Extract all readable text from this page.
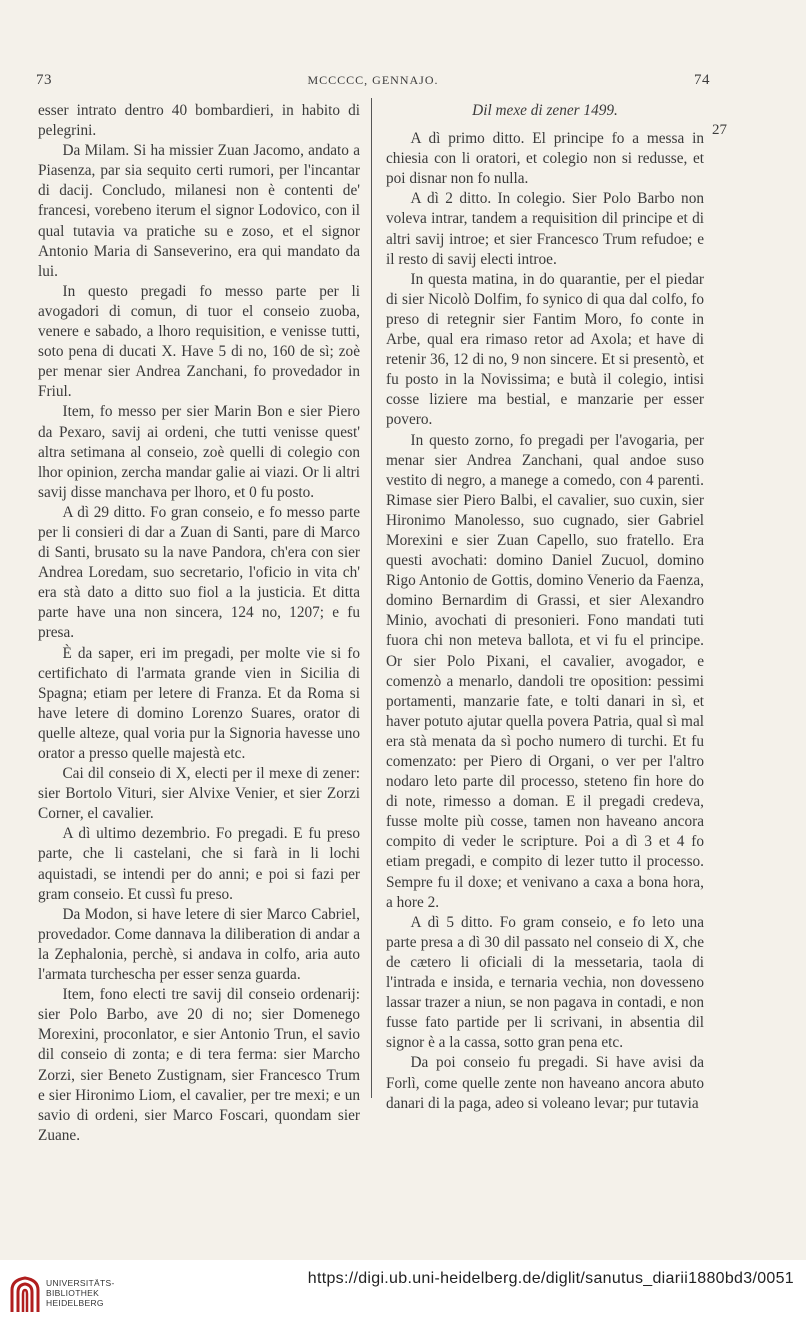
73	MCCCCC, GENNAJO.	74

esser intrato dentro 40 bombardieri, in habito di pelegrini.

Da Milam. Si ha missier Zuan Jacomo, andato a Piasenza, par sia sequito certi rumori, per l'incantar di dacij. Concludo, milanesi non è contenti de' francesi, vorebeno iterum el signor Lodovico, con il qual tutavia va pratiche su e zoso, et el signor Antonio Maria di Sanseverino, era qui mandato da lui.

In questo pregadi fo messo parte per li avogadori di comun, di tuor el conseio zuoba, venere e sabado, a lhoro requisition, e venisse tutti, soto pena di ducati X. Have 5 di no, 160 de sì; zoè per menar sier Andrea Zanchani, fo provedador in Friul.

Item, fo messo per sier Marin Bon e sier Piero da Pexaro, savij ai ordeni, che tutti venisse quest' altra setimana al conseio, zoè quelli di colegio con lhor opinion, zercha mandar galie ai viazi. Or li altri savij disse manchava per lhoro, et 0 fu posto.

A dì 29 ditto. Fo gran conseio, e fo messo parte per li consieri di dar a Zuan di Santi, pare di Marco di Santi, brusato su la nave Pandora, ch'era con sier Andrea Loredam, suo secretario, l'oficio in vita ch' era stà dato a ditto suo fiol a la justicia. Et ditta parte have una non sincera, 124 no, 1207; e fu presa.

È da saper, eri im pregadi, per molte vie si fo certifichato di l'armata grande vien in Sicilia di Spagna; etiam per letere di Franza. Et da Roma si have letere di domino Lorenzo Suares, orator di quelle alteze, qual voria pur la Signoria havesse uno orator a presso quelle majestà etc.

Cai dil conseio di X, electi per il mexe di zener: sier Bortolo Vituri, sier Alvixe Venier, et sier Zorzi Corner, el cavalier.

A dì ultimo dezembrio. Fo pregadi. E fu preso parte, che li castelani, che si farà in li lochi aquistadi, se intendi per do anni; e poi si fazi per gram conseio. Et cussì fu preso.

Da Modon, si have letere di sier Marco Cabriel, provedador. Come dannava la diliberation di andar a la Zephalonia, perchè, si andava in colfo, aria auto l'armata turchescha per esser senza guarda.

Item, fono electi tre savij dil conseio ordenarij: sier Polo Barbo, ave 20 di no; sier Domenego Morexini, proconlator, e sier Antonio Trun, el savio dil conseio di zonta; e di tera ferma: sier Marcho Zorzi, sier Beneto Zustignam, sier Francesco Trum e sier Hironimo Liom, el cavalier, per tre mexi; e un savio di ordeni, sier Marco Foscari, quondam sier Zuane.

Dil mexe di zener 1499.

A dì primo ditto. El principe fo a messa in chiesia con li oratori, et colegio non si redusse, et poi disnar non fo nulla.

A dì 2 ditto. In colegio. Sier Polo Barbo non voleva intrar, tandem a requisition dil principe et di altri savij introe; et sier Francesco Trum refudoe; e il resto di savij electi introe.

In questa matina, in do quarantie, per el piedar di sier Nicolò Dolfim, fo synico di qua dal colfo, fo preso di retegnir sier Fantim Moro, fo conte in Arbe, qual era rimaso retor ad Axola; et have di retenir 36, 12 di no, 9 non sincere. Et si presentò, et fu posto in la Novissima; e butà il colegio, intisi cosse liziere ma bestial, e manzarie per esser povero.

In questo zorno, fo pregadi per l'avogaria, per menar sier Andrea Zanchani, qual andoe suso vestito di negro, a manege a comedo, con 4 parenti. Rimase sier Piero Balbi, el cavalier, suo cuxin, sier Hironimo Manolesso, suo cugnado, sier Gabriel Morexini e sier Zuan Capello, suo fratello. Era questi avochati: domino Daniel Zucuol, domino Rigo Antonio de Gottis, domino Venerio da Faenza, domino Bernardim di Grassi, et sier Alexandro Minio, avochati di presonieri. Fono mandati tuti fuora chi non meteva ballota, et vi fu el principe. Or sier Polo Pixani, el cavalier, avogador, e comenzò a menarlo, dandoli tre oposition: pessimi portamenti, manzarie fate, e tolti danari in sì, et haver potuto ajutar quella povera Patria, qual sì mal era stà menata da sì pocho numero di turchi. Et fu comenzato: per Piero di Organi, o ver per l'altro nodaro leto parte dil processo, steteno fin hore do di note, rimesso a doman. E il pregadi credeva, fusse molte più cosse, tamen non haveano ancora compito di veder le scripture. Poi a dì 3 et 4 fo etiam pregadi, e compito di lezer tutto il processo. Sempre fu il doxe; et venivano a caxa a bona hora, a hore 2.

A dì 5 ditto. Fo gram conseio, e fo leto una parte presa a dì 30 dil passato nel conseio di X, che de cætero li oficiali di la messetaria, taola di l'intrada e insida, e ternaria vechia, non dovesseno lassar trazer a niun, se non pagava in contadi, e non fusse fato partide per li scrivani, in absentia dil signor è a la cassa, sotto gran pena etc.

Da poi conseio fu pregadi. Si have avisi da Forlì, come quelle zente non haveano ancora abuto danari di la paga, adeo si voleano levar; pur tutavia

27
UNIVERSITÄTS-
BIBLIOTHEK
HEIDELBERG
https://digi.ub.uni-heidelberg.de/diglit/sanutus_diarii1880bd3/0051
